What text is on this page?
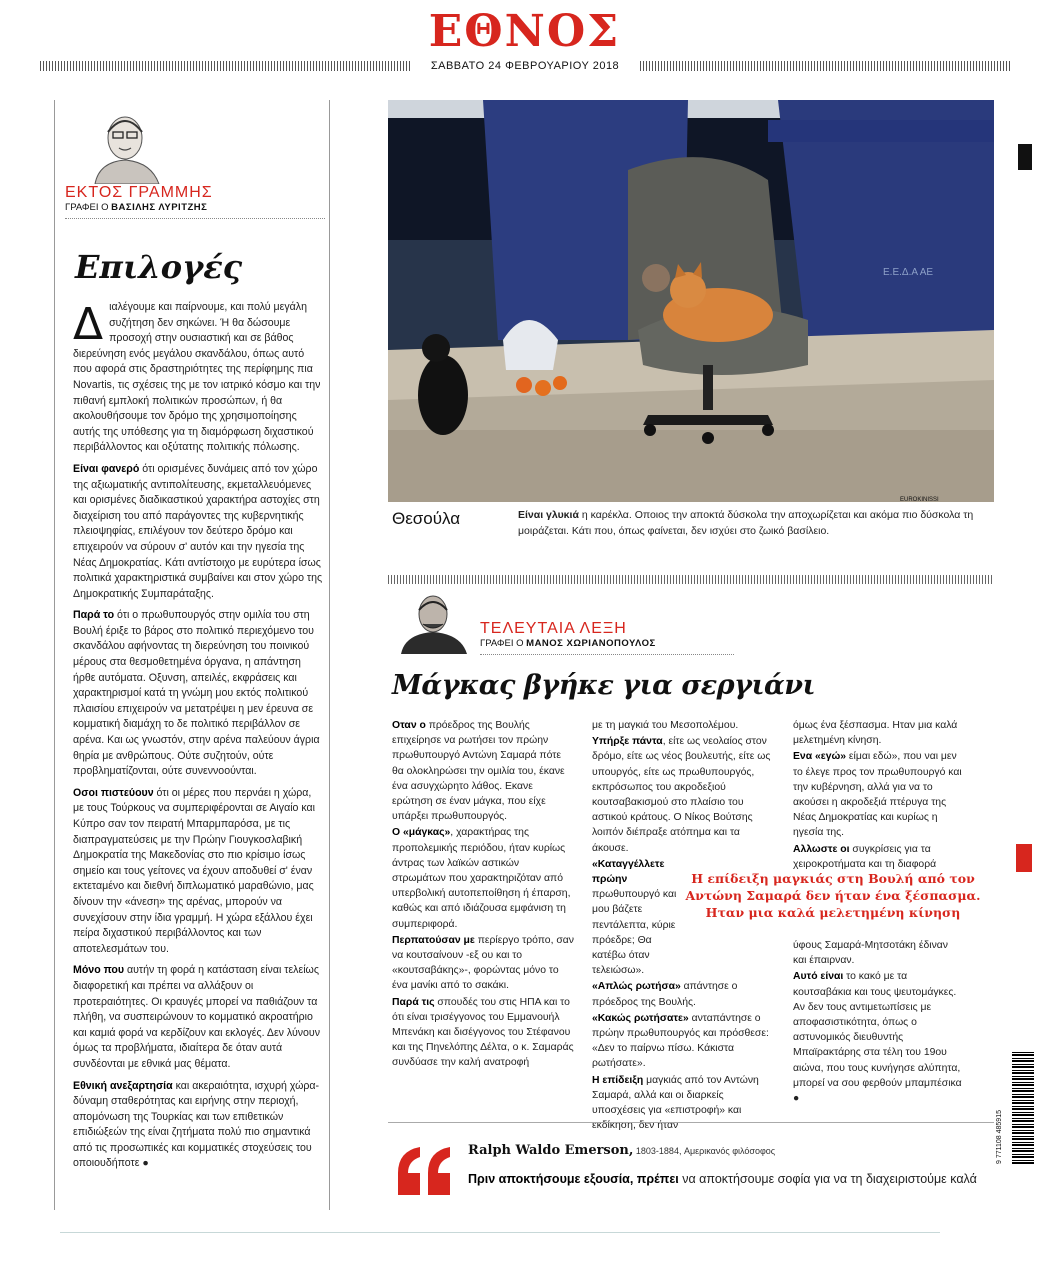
ΕΘΝΟΣ
ΣΑΒΒΑΤΟ 24 ΦΕΒΡΟΥΑΡΙΟΥ 2018
ΕΚΤΟΣ ΓΡΑΜΜΗΣ
ΓΡΑΦΕΙ Ο ΒΑΣΙΛΗΣ ΛΥΡΙΤΖΗΣ
Επιλογές

Διαλέγουμε και παίρνουμε, και πολύ μεγάλη συζήτηση δεν σηκώνει. Ή θα δώσουμε προσοχή στην ουσιαστική και σε βάθος διερεύνηση ενός μεγάλου σκανδάλου, όπως αυτό που αφορά στις δραστηριότητες της περίφημης πια Novartis, τις σχέσεις της με τον ιατρικό κόσμο και την πιθανή εμπλοκή πολιτικών προσώπων, ή θα ακολουθήσουμε τον δρόμο της χρησιμοποίησης αυτής της υπόθεσης για τη διαμόρφωση διχαστικού περιβάλλοντος και οξύτατης πολιτικής πόλωσης.

Είναι φανερό ότι ορισμένες δυνάμεις από τον χώρο της αξιωματικής αντιπολίτευσης, εκμεταλλευόμενες και ορισμένες διαδικαστικού χαρακτήρα αστοχίες στη διαχείριση του από παράγοντες της κυβερνητικής πλειοψηφίας, επιλέγουν τον δεύτερο δρόμο και επιχειρούν να σύρουν σ' αυτόν και την ηγεσία της Νέας Δημοκρατίας. Κάτι αντίστοιχο με ευρύτερα ίσως πολιτικά χαρακτηριστικά συμβαίνει και στον χώρο της Δημοκρατικής Συμπαράταξης.

Παρά το ότι ο πρωθυπουργός στην ομιλία του στη Βουλή έριξε το βάρος στο πολιτικό περιεχόμενο του σκανδάλου αφήνοντας τη διερεύνηση του ποινικού μέρους στα θεσμοθετημένα όργανα, η απάντηση ήρθε αυτόματα. Οξυνση, απειλές, εκφράσεις και χαρακτηρισμοί κατά τη γνώμη μου εκτός πολιτικού πλαισίου επιχειρούν να μετατρέψει η μεν έρευνα σε κομματική διαμάχη το δε πολιτικό περιβάλλον σε αρένα. Και ως γνωστόν, στην αρένα παλεύουν άγρια θηρία με ανθρώπους. Ούτε συζητούν, ούτε προβληματίζονται, ούτε συνεννοούνται.

Οσοι πιστεύουν ότι οι μέρες που περνάει η χώρα, με τους Τούρκους να συμπεριφέρονται σε Αιγαίο και Κύπρο σαν τον πειρατή Μπαρμπαρόσα, με τις διαπραγματεύσεις με την Πρώην Γιουγκοσλαβική Δημοκρατία της Μακεδονίας στο πιο κρίσιμο ίσως σημείο και τους γείτονες να έχουν αποδυθεί σ' έναν εκτεταμένο και διεθνή διπλωματικό μαραθώνιο, μας δίνουν την «άνεση» της αρένας, μπορούν να συνεχίσουν στην ίδια γραμμή. Η χώρα εξάλλου έχει πείρα διχαστικού περιβάλλοντος και των αποτελεσμάτων του.

Μόνο που αυτήν τη φορά η κατάσταση είναι τελείως διαφορετική και πρέπει να αλλάξουν οι προτεραιότητες. Οι κραυγές μπορεί να παθιάζουν τα πλήθη, να συσπειρώνουν το κομματικό ακροατήριο και καμιά φορά να κερδίζουν και εκλογές. Δεν λύνουν όμως τα προβλήματα, ιδιαίτερα δε όταν αυτά συνδέονται με εθνικά μας θέματα.

Εθνική ανεξαρτησία και ακεραιότητα, ισχυρή χώρα-δύναμη σταθερότητας και ειρήνης στην περιοχή, απομόνωση της Τουρκίας και των επιθετικών επιδιώξεών της είναι ζητήματα πολύ πιο σημαντικά από τις προσωπικές και κομματικές στοχεύσεις του οποιουδήποτε ●

Ε.Ε.Δ.Α ΑΕ
EUROKINISSI
Θεσούλα	Είναι γλυκιά η καρέκλα. Οποιος την αποκτά δύσκολα την αποχωρίζεται και ακόμα πιο δύσκολα τη μοιράζεται. Κάτι που, όπως φαίνεται, δεν ισχύει στο ζωικό βασίλειο.
ΤΕΛΕΥΤΑΙΑ ΛΕΞΗ
ΓΡΑΦΕΙ Ο ΜΑΝΟΣ ΧΩΡΙΑΝΟΠΟΥΛΟΣ
Μάγκας βγήκε για σεργιάνι

Οταν ο πρόεδρος της Βουλής επιχείρησε να ρωτήσει τον πρώην πρωθυπουργό Αντώνη Σαμαρά πότε θα ολοκληρώσει την ομιλία του, έκανε ένα ασυγχώρητο λάθος. Εκανε ερώτηση σε έναν μάγκα, που είχε υπάρξει πρωθυπουργός.

Ο «μάγκας», χαρακτήρας της προπολεμικής περιόδου, ήταν κυρίως άντρας των λαϊκών αστικών στρωμάτων που χαρακτηριζόταν από υπερβολική αυτοπεποίθηση ή έπαρση, καθώς και από ιδιάζουσα εμφάνιση τη συμπεριφορά.

Περπατούσαν με περίεργο τρόπο, σαν να κουτσαίνουν -εξ ου και το «κουτσαβάκης»-, φορώντας μόνο το ένα μανίκι από το σακάκι.

Παρά τις σπουδές του στις ΗΠΑ και το ότι είναι τρισέγγονος του Εμμανουήλ Μπενάκη και δισέγγονος του Στέφανου και της Πηνελόπης Δέλτα, ο κ. Σαμαράς συνδύασε την καλή ανατροφή

με τη μαγκιά του Μεσοπολέμου.

Υπήρξε πάντα, είτε ως νεολαίος στον δρόμο, είτε ως νέος βουλευτής, είτε ως υπουργός, είτε ως πρωθυπουργός, εκπρόσωπος του ακροδεξιού κουτσαβακισμού στο πλαίσιο του αστικού κράτους. Ο Νίκος Βούτσης λοιπόν διέπραξε ατόπημα και τα άκουσε.

«Καταγγέλλετε πρώην πρωθυπουργό και μου βάζετε πεντάλεπτα, κύριε πρόεδρε; Θα κατέβω όταν τελειώσω».

«Απλώς ρωτήσα» απάντησε ο πρόεδρος της Βουλής.

«Κακώς ρωτήσατε» ανταπάντησε ο πρώην πρωθυπουργός και πρόσθεσε: «Δεν το παίρνω πίσω. Κάκιστα ρωτήσατε».

Η επίδειξη μαγκιάς από τον Αντώνη Σαμαρά, αλλά και οι διαρκείς υποσχέσεις για «επιστροφή» και εκδίκηση, δεν ήταν

όμως ένα ξέσπασμα. Ηταν μια καλά μελετημένη κίνηση.

Ενα «εγώ» είμαι εδώ», που ναι μεν το έλεγε προς τον πρωθυπουργό και την κυβέρνηση, αλλά για να το ακούσει η ακροδεξιά πτέρυγα της Νέας Δημοκρατίας και κυρίως η ηγεσία της.

Αλλωστε οι συγκρίσεις για τα χειροκροτήματα και τη διαφορά

Η επίδειξη μαγκιάς στη Βουλή από τον Αντώνη Σαμαρά δεν ήταν ένα ξέσπασμα. Ηταν μια καλά μελετημένη κίνηση

ύφους Σαμαρά-Μητσοτάκη έδιναν και έπαιρναν.

Αυτό είναι το κακό με τα κουτσαβάκια και τους ψευτομάγκες. Αν δεν τους αντιμετωπίσεις με αποφασιστικότητα, όπως ο αστυνομικός διευθυντής Μπαϊρακτάρης στα τέλη του 19ου αιώνα, που τους κυνήγησε αλύπητα, μπορεί να σου φερθούν μπαμπέσικα ●

Ralph Waldo Emerson, 1803-1884, Αμερικανός φιλόσοφος
Πριν αποκτήσουμε εξουσία, πρέπει να αποκτήσουμε σοφία για να τη διαχειριστούμε καλά
9 771108 485915
